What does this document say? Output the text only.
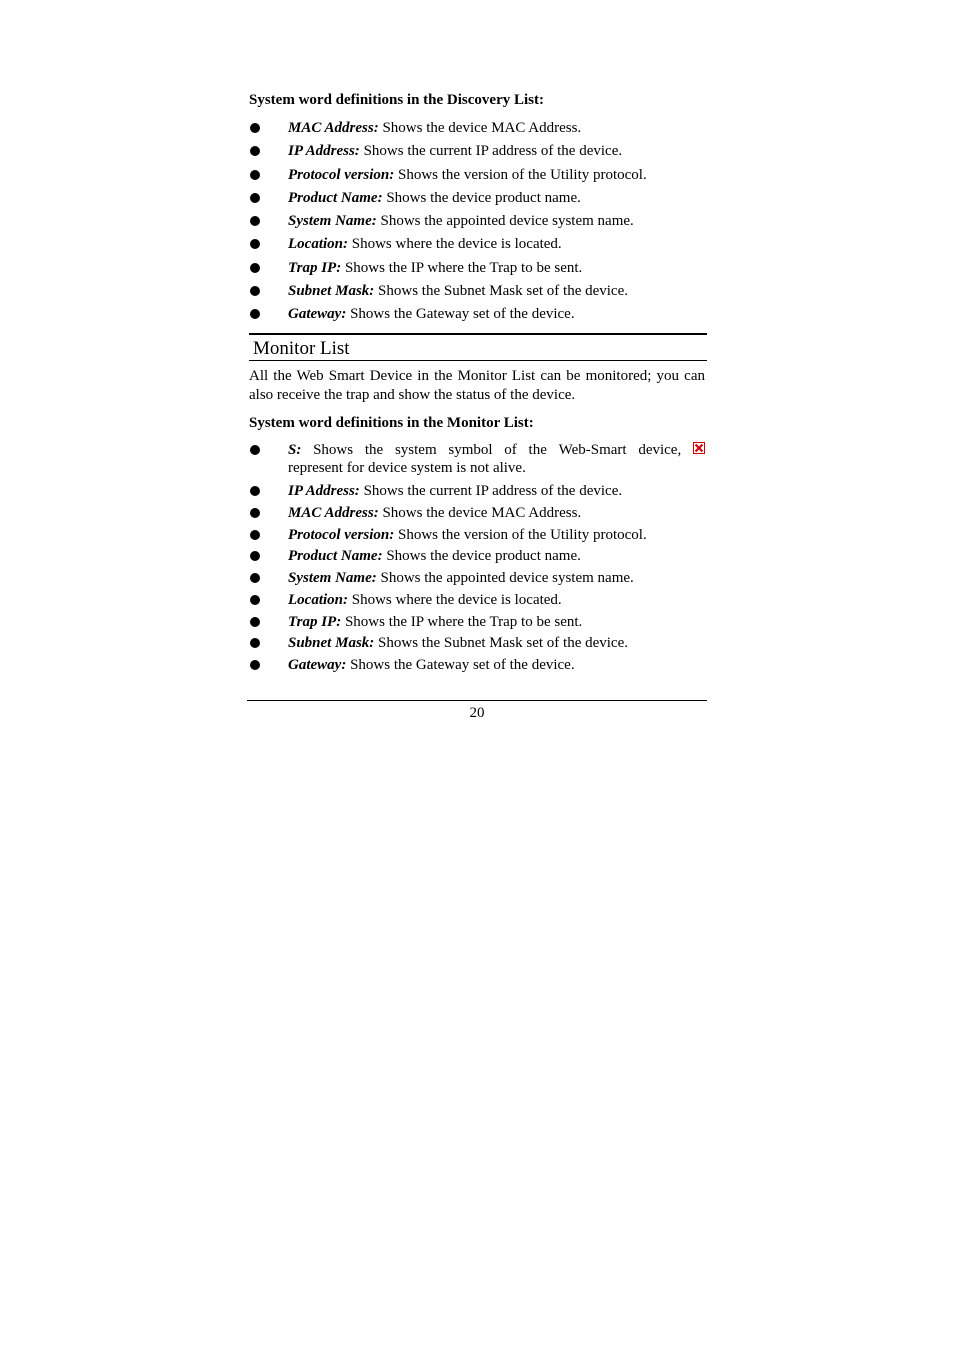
System word definitions in the Discovery List:
MAC Address: Shows the device MAC Address.
IP Address: Shows the current IP address of the device.
Protocol version: Shows the version of the Utility protocol.
Product Name: Shows the device product name.
System Name: Shows the appointed device system name.
Location: Shows where the device is located.
Trap IP: Shows the IP where the Trap to be sent.
Subnet Mask: Shows the Subnet Mask set of the device.
Gateway: Shows the Gateway set of the device.
Monitor List
All the Web Smart Device in the Monitor List can be monitored; you can also receive the trap and show the status of the device.
System word definitions in the Monitor List:
S: Shows the system symbol of the Web-Smart device,
represent for device system is not alive.
IP Address: Shows the current IP address of the device.
MAC Address: Shows the device MAC Address.
Protocol version: Shows the version of the Utility protocol.
Product Name: Shows the device product name.
System Name: Shows the appointed device system name.
Location: Shows where the device is located.
Trap IP: Shows the IP where the Trap to be sent.
Subnet Mask: Shows the Subnet Mask set of the device.
Gateway: Shows the Gateway set of the device.
20
